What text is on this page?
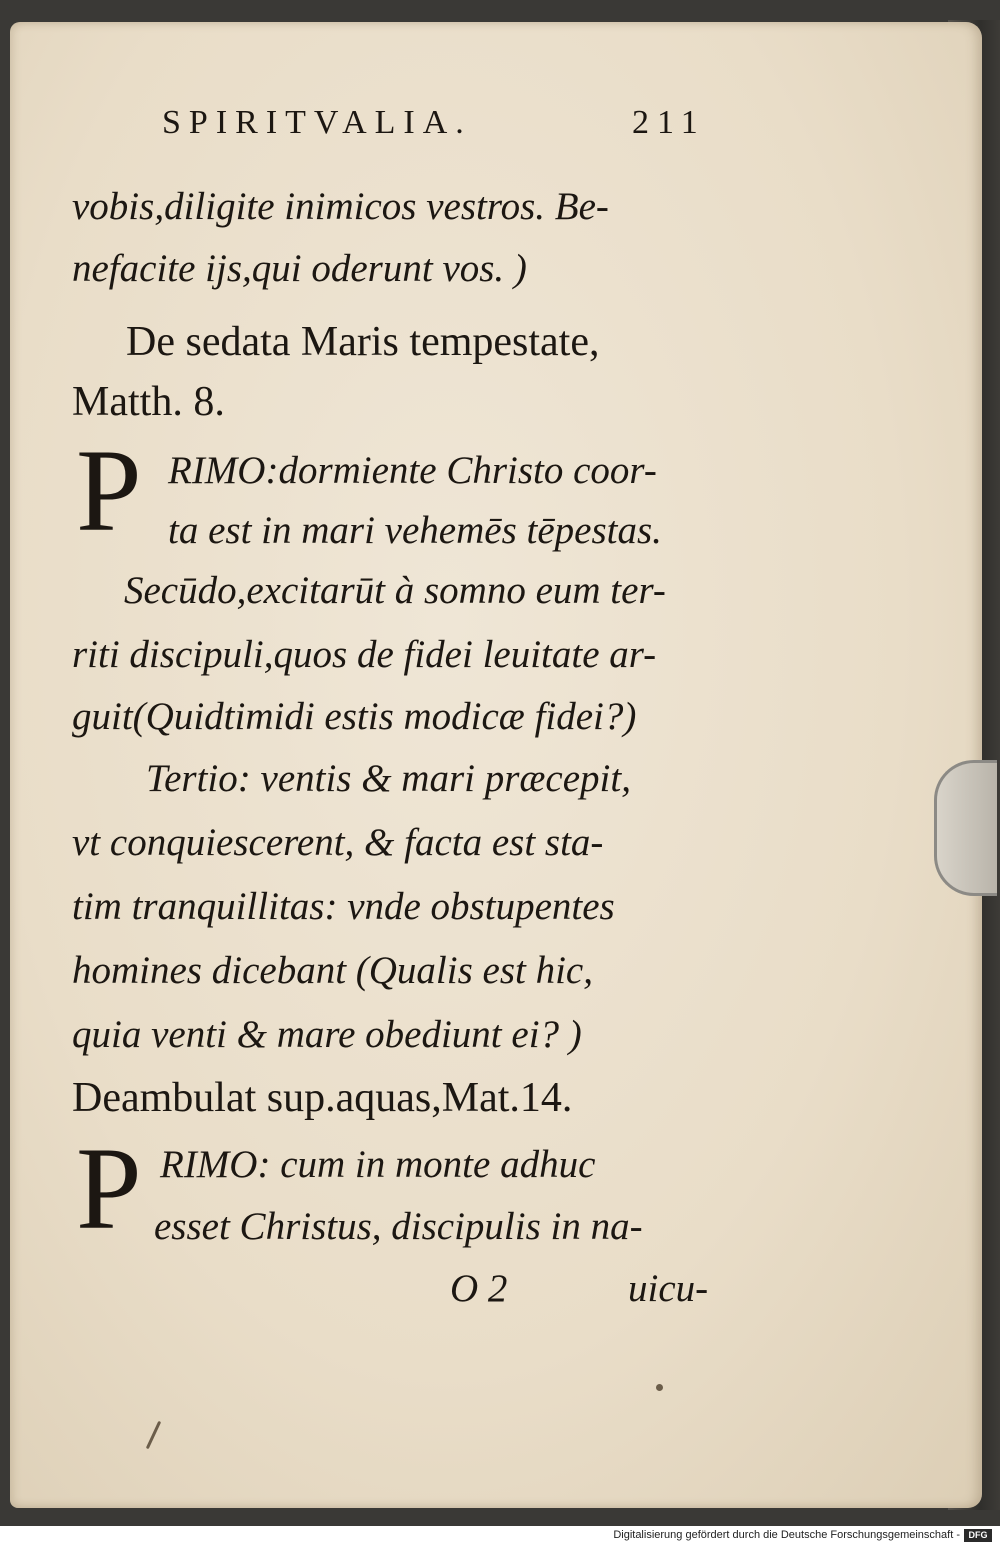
SPIRITVALIA.	211
vobis,diligite inimicos vestros. Be-
nefacite ijs,qui oderunt vos. )
De sedata Maris tempestate,
Matth. 8.
P RIMO:dormiente Christo coor-
ta est in mari vehemēs tēpestas.
Secūdo,excitarūt à somno eum ter-
riti discipuli,quos de fidei leuitate ar-
guit(Quidtimidi estis modicæ fidei?)
Tertio: ventis & mari præcepit,
vt conquiescerent, & facta est sta-
tim tranquillitas: vnde obstupentes
homines dicebant (Qualis est hic,
quia venti & mare obediunt ei? )
Deambulat sup.aquas,Mat.14.
P RIMO: cum in monte adhuc
esset Christus, discipulis in na-
O 2	uicu-
Digitalisierung gefördert durch die Deutsche Forschungsgemeinschaft - DFG
